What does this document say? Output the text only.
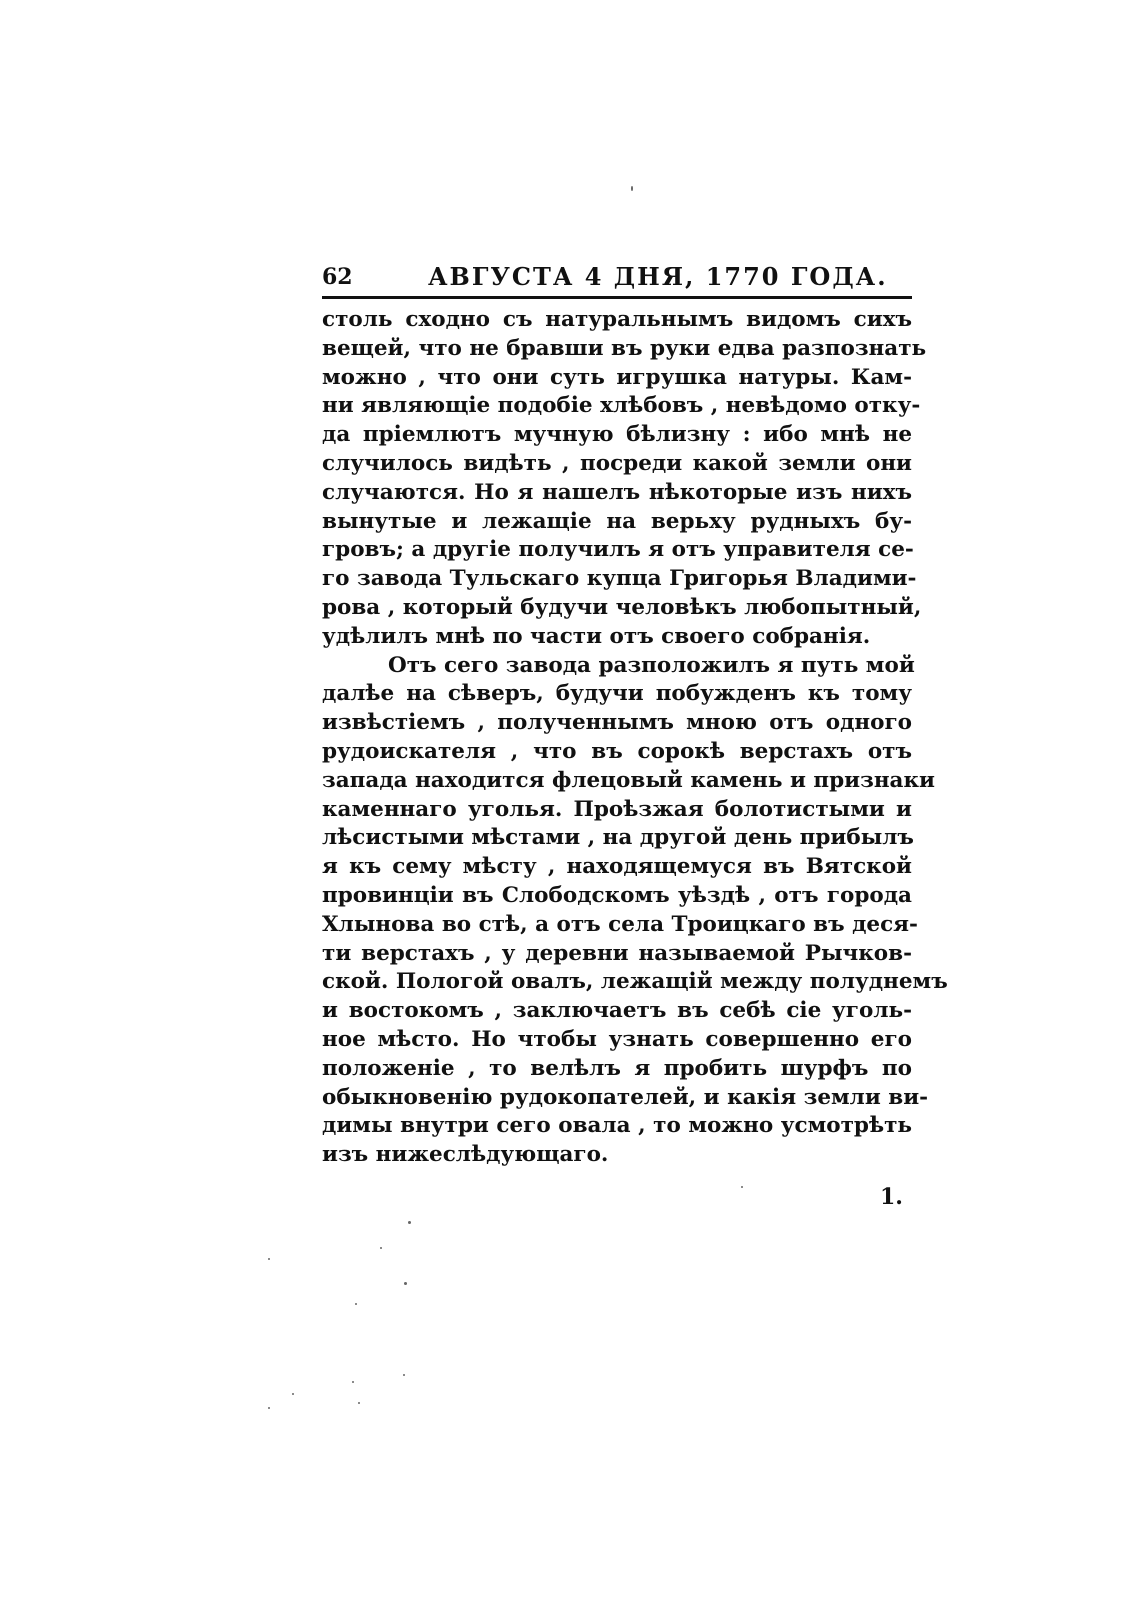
62	АВГУСТА 4 ДНЯ, 1770 ГОДА.
столь сходно съ натуральнымъ видомъ сихъ
вещей, что не бравши въ руки едва разпознать
можно , что они суть игрушка натуры. Кам-
ни являющіе подобіе хлѣбовъ , невѣдомо отку-
да пріемлютъ мучную бѣлизну : ибо мнѣ не
случилось видѣть , посреди какой земли они
случаются. Но я нашелъ нѣкоторые изъ нихъ
вынутые и лежащіе на верьху рудныхъ бу-
гровъ; а другіе получилъ я отъ управителя се-
го завода Тульскаго купца Григорья Владими-
рова , который будучи человѣкъ любопытный,
удѣлилъ мнѣ по части отъ своего собранія.
Отъ сего завода разположилъ я путь мой
далѣе на сѣверъ, будучи побужденъ къ тому
извѣстіемъ , полученнымъ мною отъ одного
рудоискателя , что въ сорокѣ верстахъ отъ
запада находится флецовый камень и признаки
каменнаго уголья. Проѣзжая болотистыми и
лѣсистыми мѣстами , на другой день прибылъ
я къ сему мѣсту , находящемуся въ Вятской
провинціи въ Слободскомъ уѣздѣ , отъ города
Хлынова во стѣ, а отъ села Троицкаго въ деся-
ти верстахъ , у деревни называемой Рычков-
ской. Пологой овалъ, лежащій между полуднемъ
и востокомъ , заключаетъ въ себѣ сіе уголь-
ное мѣсто. Но чтобы узнать совершенно его
положеніе , то велѣлъ я пробить шурфъ по
обыкновенію рудокопателей, и какія земли ви-
димы внутри сего овала , то можно усмотрѣть
изъ нижеслѣдующаго.
1.
